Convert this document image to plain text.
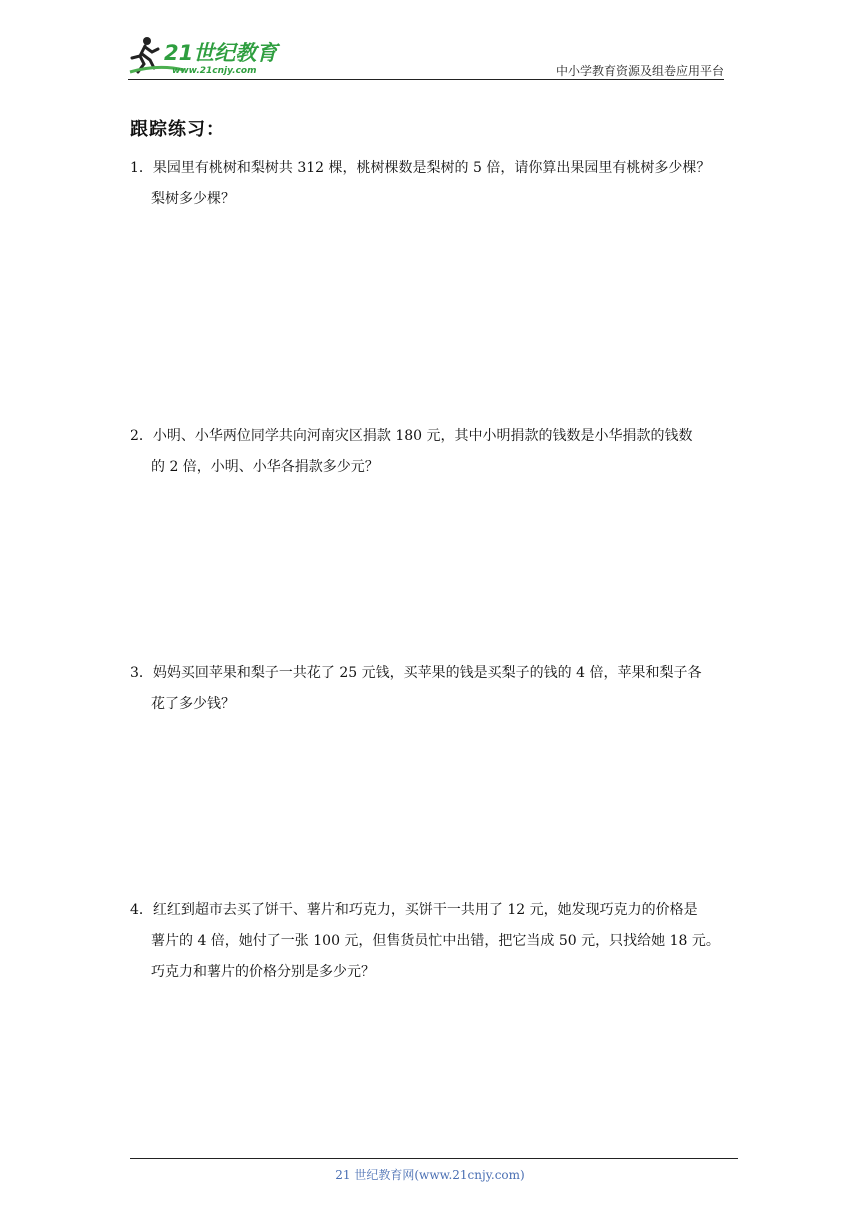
21世纪教育
www.21cnjy.com	中小学教育资源及组卷应用平台
跟踪练习：
1．果园里有桃树和梨树共 312 棵，桃树棵数是梨树的 5 倍，请你算出果园里有桃树多少棵？
梨树多少棵？
2．小明、小华两位同学共向河南灾区捐款 180 元，其中小明捐款的钱数是小华捐款的钱数
的 2 倍，小明、小华各捐款多少元？
3．妈妈买回苹果和梨子一共花了 25 元钱，买苹果的钱是买梨子的钱的 4 倍，苹果和梨子各
花了多少钱？
4．红红到超市去买了饼干、薯片和巧克力，买饼干一共用了 12 元，她发现巧克力的价格是
薯片的 4 倍，她付了一张 100 元，但售货员忙中出错，把它当成 50 元，只找给她 18 元。
巧克力和薯片的价格分别是多少元？
21 世纪教育网(www.21cnjy.com)
